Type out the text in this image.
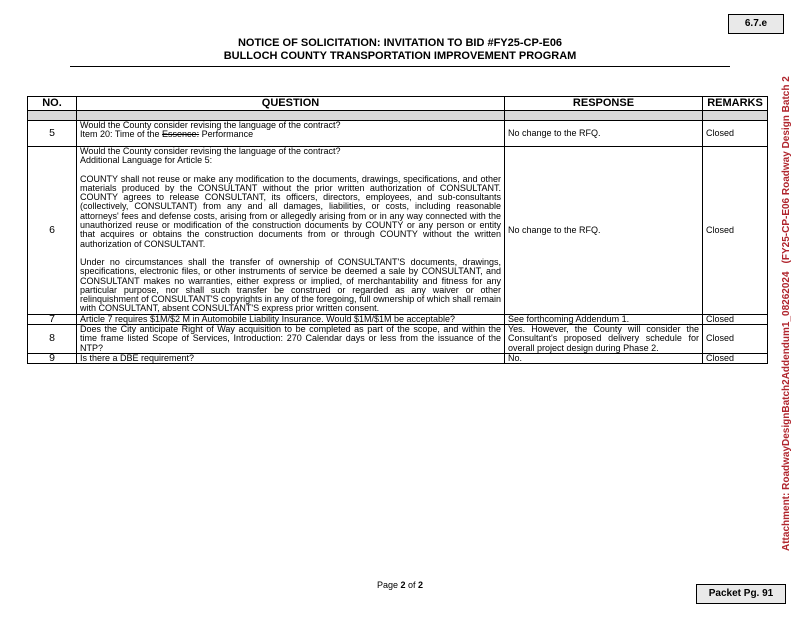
6.7.e
NOTICE OF SOLICITATION: INVITATION TO BID #FY25-CP-E06
BULLOCH COUNTY TRANSPORTATION IMPROVEMENT PROGRAM
NO.	QUESTION	RESPONSE	REMARKS

5	Would the County consider revising the language of the contract?

Item 20: Time of the Essence: Performance	No change to the RFQ.	Closed
6	Would the County consider revising the language of the contract?

Additional Language for Article 5:

COUNTY shall not reuse or make any modification to the documents, drawings, specifications, and other materials produced by the CONSULTANT without the prior written authorization of CONSULTANT. COUNTY agrees to release CONSULTANT, its officers, directors, employees, and sub-consultants (collectively, CONSULTANT) from any and all damages, liabilities, or costs, including reasonable attorneys' fees and defense costs, arising from or allegedly arising from or in any way connected with the unauthorized reuse or modification of the construction documents by COUNTY or any person or entity that acquires or obtains the construction documents from or through COUNTY without the written authorization of CONSULTANT.

Under no circumstances shall the transfer of ownership of CONSULTANT'S documents, drawings, specifications, electronic files, or other instruments of service be deemed a sale by CONSULTANT, and CONSULTANT makes no warranties, either express or implied, of merchantability and fitness for any particular purpose, nor shall such transfer be construed or regarded as any waiver or other relinquishment of CONSULTANT'S copyrights in any of the foregoing, full ownership of which shall remain with CONSULTANT, absent CONSULTANT'S express prior written consent.	No change to the RFQ.	Closed
7	Article 7 requires $1M/$2 M in Automobile Liability Insurance. Would $1M/$1M be acceptable?	See forthcoming Addendum 1.	Closed
8	Does the City anticipate Right of Way acquisition to be completed as part of the scope, and within the time frame listed Scope of Services, Introduction: 270 Calendar days or less from the issuance of the NTP?	Yes. However, the County will consider the Consultant's proposed delivery schedule for overall project design during Phase 2.	Closed
9	Is there a DBE requirement?	No.	Closed
Page 2 of 2
Packet Pg. 91
Attachment: RoadwayDesignBatch2Addendum1_08262024(FY25-CP-E06 Roadway Design Batch 2
